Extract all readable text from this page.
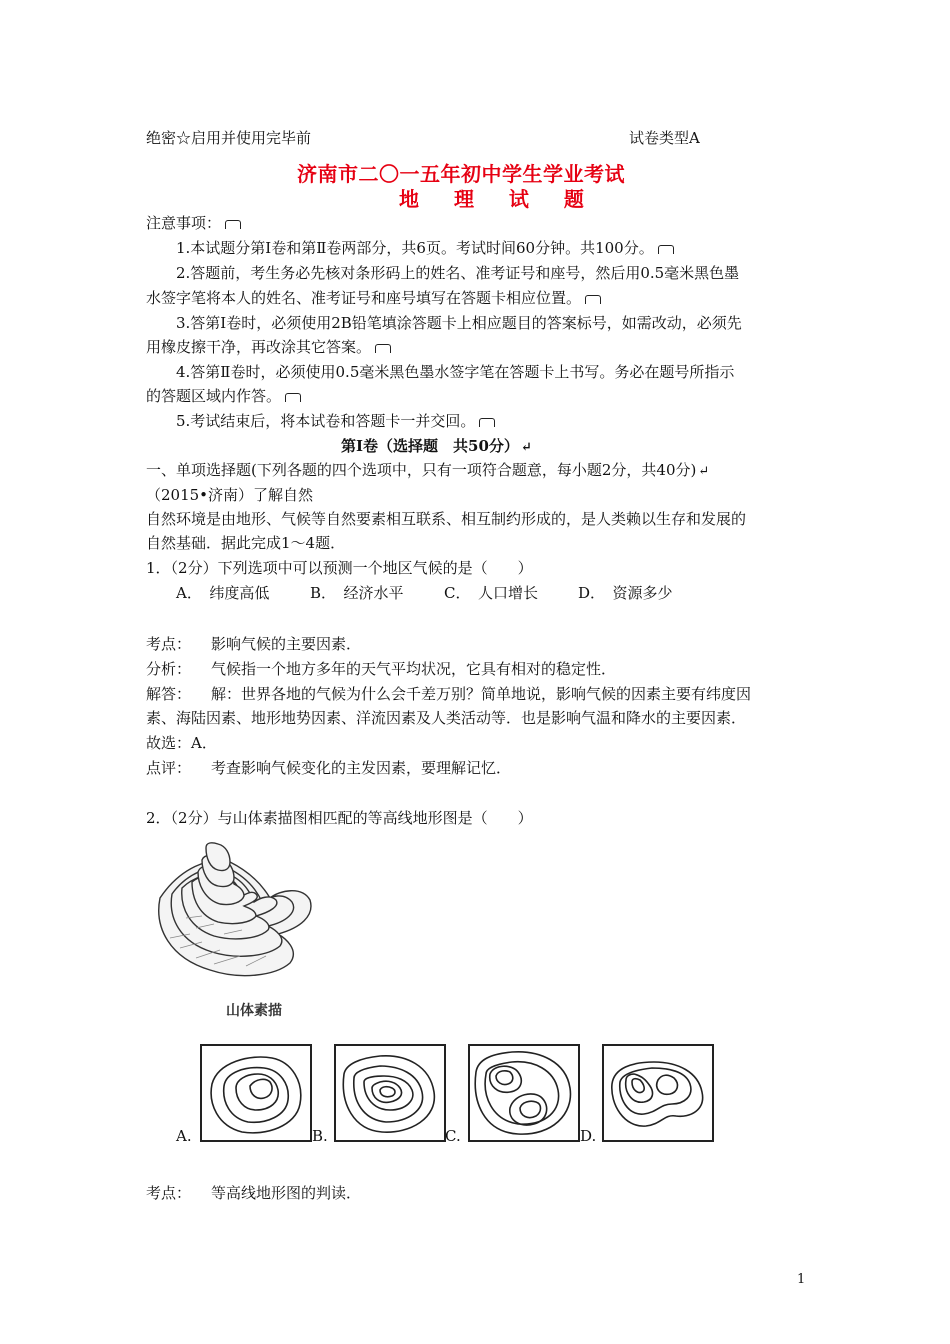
绝密☆启用并使用完毕前	试卷类型A
济南市二〇一五年初中学生学业考试
地 理 试 题
注意事项：
1.本试题分第Ⅰ卷和第Ⅱ卷两部分，共6页。考试时间60分钟。共100分。
2.答题前，考生务必先核对条形码上的姓名、准考证号和座号，然后用0.5毫米黑色墨
水签字笔将本人的姓名、准考证号和座号填写在答题卡相应位置。
3.答第Ⅰ卷时，必须使用2B铅笔填涂答题卡上相应题目的答案标号，如需改动，必须先
用橡皮擦干净，再改涂其它答案。
4.答第Ⅱ卷时，必须使用0.5毫米黑色墨水签字笔在答题卡上书写。务必在题号所指示
的答题区域内作答。
5.考试结束后，将本试卷和答题卡一并交回。
第Ⅰ卷（选择题　共50分） ↵
一、单项选择题(下列各题的四个选项中，只有一项符合题意，每小题2分，共40分) ↵
（2015•济南）了解自然
自然环境是由地形、气候等自然要素相互联系、相互制约形成的，是人类赖以生存和发展的
自然基础．据此完成1～4题．
1．（2分）下列选项中可以预测一个地区气候的是（　　）
A．　纬度高低	B．　经济水平	C．　人口增长	D．　资源多少
考点： 影响气候的主要因素．
分析： 气候指一个地方多年的天气平均状况，它具有相对的稳定性．
解答： 解：世界各地的气候为什么会千差万别？简单地说，影响气候的因素主要有纬度因
素、海陆因素、地形地势因素、洋流因素及人类活动等．也是影响气温和降水的主要因素．
故选：A．
点评： 考查影响气候变化的主发因素，要理解记忆．
2．（2分）与山体素描图相匹配的等高线地形图是（　　）
山体素描
A.	B.	C.	D.
考点： 等高线地形图的判读．
1
